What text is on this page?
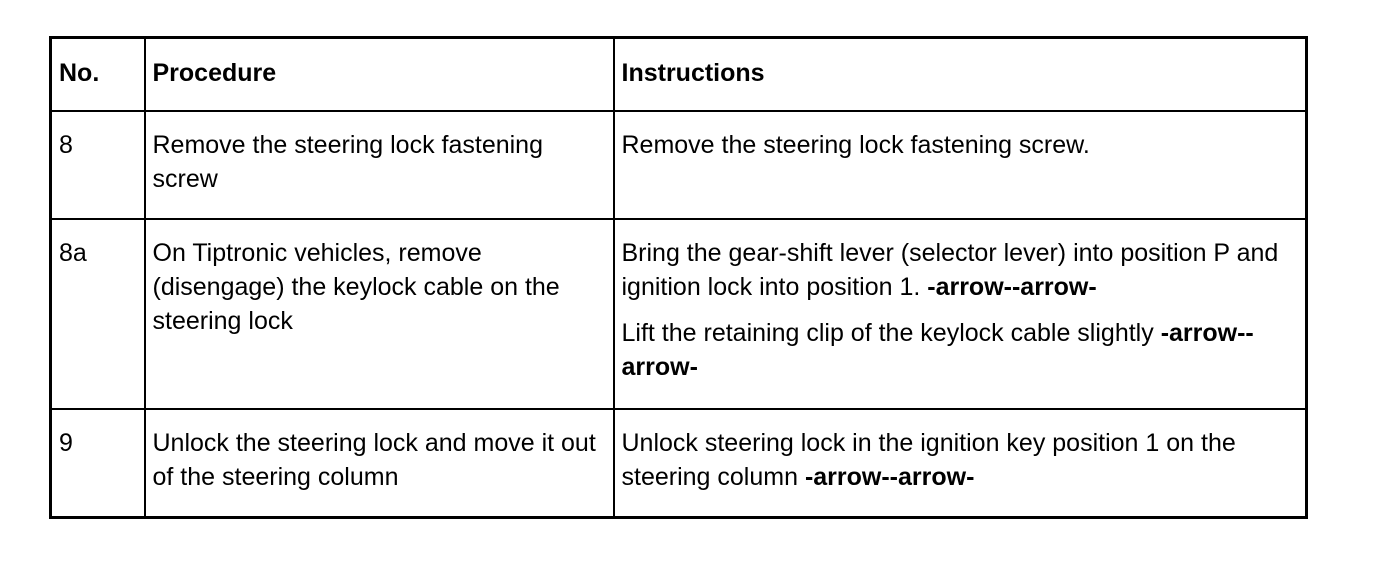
No.	Procedure	Instructions
8	Remove the steering lock fastening screw	Remove the steering lock fastening screw.

8a	On Tiptronic vehicles, remove (disengage) the keylock cable on the steering lock	Bring the gear-shift lever (selector lever) into position P and ignition lock into position 1. -arrow--arrow-
Lift the retaining clip of the keylock cable slightly -arrow--arrow-

9	Unlock the steering lock and move it out of the steering column	Unlock steering lock in the ignition key position 1 on the steering column -arrow--arrow-
